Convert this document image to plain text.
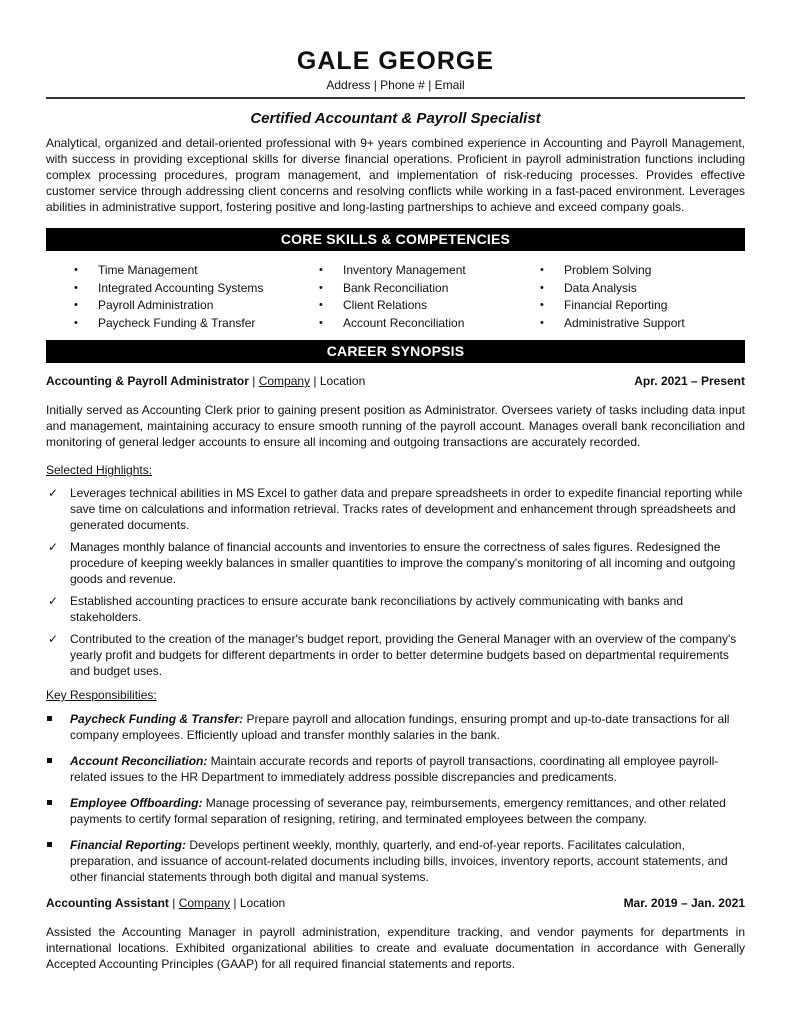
GALE GEORGE
Address | Phone # | Email
Certified Accountant & Payroll Specialist

Analytical, organized and detail-oriented professional with 9+ years combined experience in Accounting and Payroll Management, with success in providing exceptional skills for diverse financial operations. Proficient in payroll administration functions including complex processing procedures, program management, and implementation of risk-reducing processes. Provides effective customer service through addressing client concerns and resolving conflicts while working in a fast-paced environment. Leverages abilities in administrative support, fostering positive and long-lasting partnerships to achieve and exceed company goals.

CORE SKILLS & COMPETENCIES
• Time Management
• Integrated Accounting Systems
• Payroll Administration
• Paycheck Funding & Transfer
• Inventory Management
• Bank Reconciliation
• Client Relations
• Account Reconciliation
• Problem Solving
• Data Analysis
• Financial Reporting
• Administrative Support
CAREER SYNOPSIS
Accounting & Payroll Administrator | Company | Location	Apr. 2021 – Present

Initially served as Accounting Clerk prior to gaining present position as Administrator. Oversees variety of tasks including data input and management, maintaining accuracy to ensure smooth running of the payroll account. Manages overall bank reconciliation and monitoring of general ledger accounts to ensure all incoming and outgoing transactions are accurately recorded.

Selected Highlights:
✓ Leverages technical abilities in MS Excel to gather data and prepare spreadsheets in order to expedite financial reporting while save time on calculations and information retrieval. Tracks rates of development and enhancement through spreadsheets and generated documents.
✓ Manages monthly balance of financial accounts and inventories to ensure the correctness of sales figures. Redesigned the procedure of keeping weekly balances in smaller quantities to improve the company's monitoring of all incoming and outgoing goods and revenue.
✓ Established accounting practices to ensure accurate bank reconciliations by actively communicating with banks and stakeholders.
✓ Contributed to the creation of the manager's budget report, providing the General Manager with an overview of the company's yearly profit and budgets for different departments in order to better determine budgets based on departmental requirements and budget uses.
Key Responsibilities:
Paycheck Funding & Transfer: Prepare payroll and allocation fundings, ensuring prompt and up-to-date transactions for all company employees. Efficiently upload and transfer monthly salaries in the bank.
Account Reconciliation: Maintain accurate records and reports of payroll transactions, coordinating all employee payroll-related issues to the HR Department to immediately address possible discrepancies and predicaments.
Employee Offboarding: Manage processing of severance pay, reimbursements, emergency remittances, and other related payments to certify formal separation of resigning, retiring, and terminated employees between the company.
Financial Reporting: Develops pertinent weekly, monthly, quarterly, and end-of-year reports. Facilitates calculation, preparation, and issuance of account-related documents including bills, invoices, inventory reports, account statements, and other financial statements through both digital and manual systems.
Accounting Assistant | Company | Location	Mar. 2019 – Jan. 2021

Assisted the Accounting Manager in payroll administration, expenditure tracking, and vendor payments for departments in international locations. Exhibited organizational abilities to create and evaluate documentation in accordance with Generally Accepted Accounting Principles (GAAP) for all required financial statements and reports.
